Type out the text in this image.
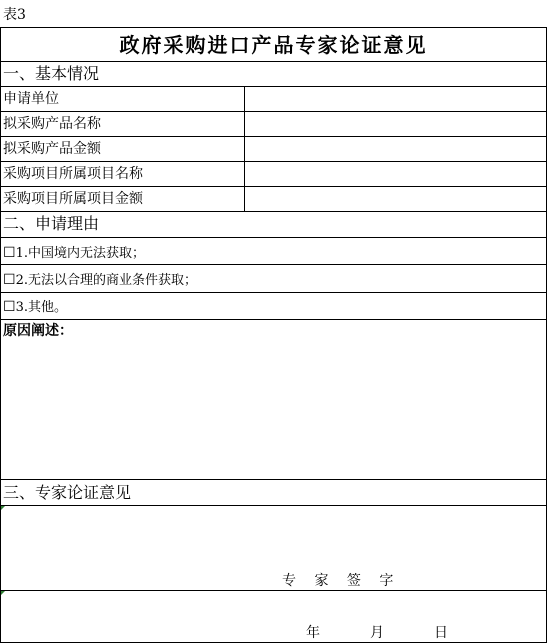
表3
政府采购进口产品专家论证意见
一、基本情况
申请单位
拟采购产品名称
拟采购产品金额
采购项目所属项目名称
采购项目所属项目金额
二、申请理由
☐1.中国境内无法获取；
☐2.无法以合理的商业条件获取；
☐3.其他。
原因阐述：
三、专家论证意见
专 家 签 字
年	月	日
